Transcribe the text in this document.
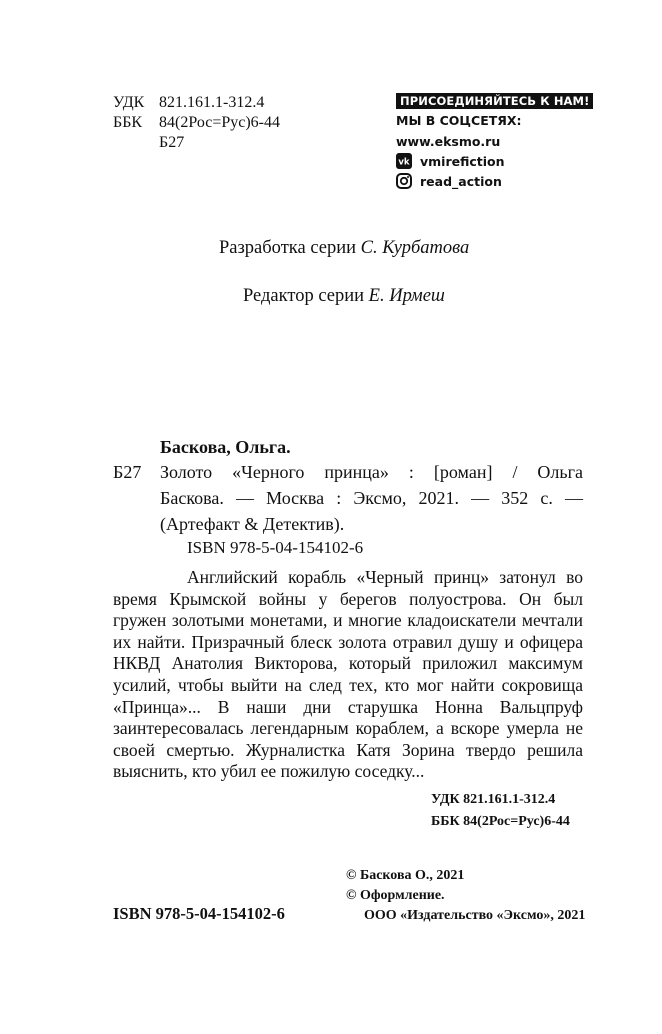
УДК 821.161.1-312.4
ББК 84(2Рос=Рус)6-44
Б27
ПРИСОЕДИНЯЙТЕСЬ К НАМ!
МЫ В СОЦСЕТЯХ:
www.eksmo.ru
vk vmirefiction
read_action
Разработка серии С. Курбатова
Редактор серии Е. Ирмеш
Баскова, Ольга.
Б27 Золото «Черного принца» : [роман] / Ольга
Баскова. — Москва : Эксмо, 2021. — 352 с. —
(Артефакт & Детектив).
ISBN 978-5-04-154102-6

Английский корабль «Черный принц» затонул во время Крымской войны у берегов полуострова. Он был гружен золотыми монетами, и многие кладоискатели мечтали их найти. Призрачный блеск золота отравил душу и офицера НКВД Анатолия Викторова, который приложил максимум усилий, чтобы выйти на след тех, кто мог найти сокровища «Принца»... В наши дни старушка Нонна Вальцпруф заинтересовалась легендарным кораблем, а вскоре умерла не своей смертью. Журналистка Катя Зорина твердо решила выяснить, кто убил ее пожилую соседку...

УДК 821.161.1-312.4
ББК 84(2Рос=Рус)6-44
© Баскова О., 2021
© Оформление.
ООО «Издательство «Эксмо», 2021
ISBN 978-5-04-154102-6
